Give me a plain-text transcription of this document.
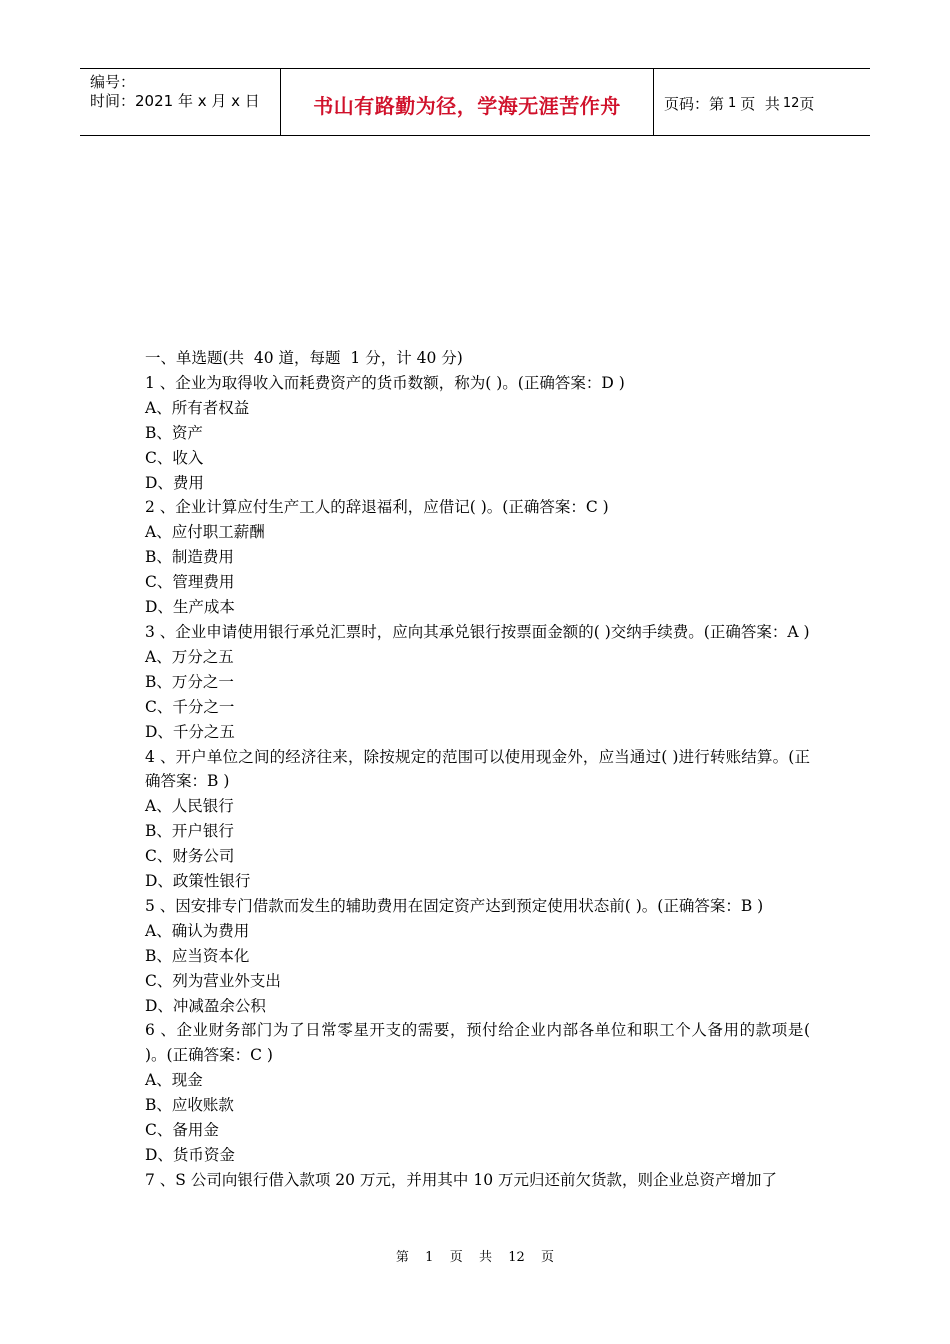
编号：
时间：2021 年 x 月 x 日	书山有路勤为径，学海无涯苦作舟	页码：第 1 页  共 12 页
一、单选题(共  40 道，每题  1 分，计 40 分)
1 、企业为取得收入而耗费资产的货币数额，称为( )。(正确答案：D )
A、所有者权益
B、资产
C、收入
D、费用
2 、企业计算应付生产工人的辞退福利，应借记( )。(正确答案：C )
A、应付职工薪酬
B、制造费用
C、管理费用
D、生产成本
3 、企业申请使用银行承兑汇票时，应向其承兑银行按票面金额的( )交纳手续费。(正确答案：A )
A、万分之五
B、万分之一
C、千分之一
D、千分之五
4 、开户单位之间的经济往来，除按规定的范围可以使用现金外，应当通过( )进行转账结算。(正确答案：B )
A、人民银行
B、开户银行
C、财务公司
D、政策性银行
5 、因安排专门借款而发生的辅助费用在固定资产达到预定使用状态前( )。(正确答案：B )
A、确认为费用
B、应当资本化
C、列为营业外支出
D、冲减盈余公积
6 、企业财务部门为了日常零星开支的需要，预付给企业内部各单位和职工个人备用的款项是( )。(正确答案：C )
A、现金
B、应收账款
C、备用金
D、货币资金
7 、S 公司向银行借入款项 20 万元，并用其中 10 万元归还前欠货款，则企业总资产增加了
第  1  页  共  12  页
